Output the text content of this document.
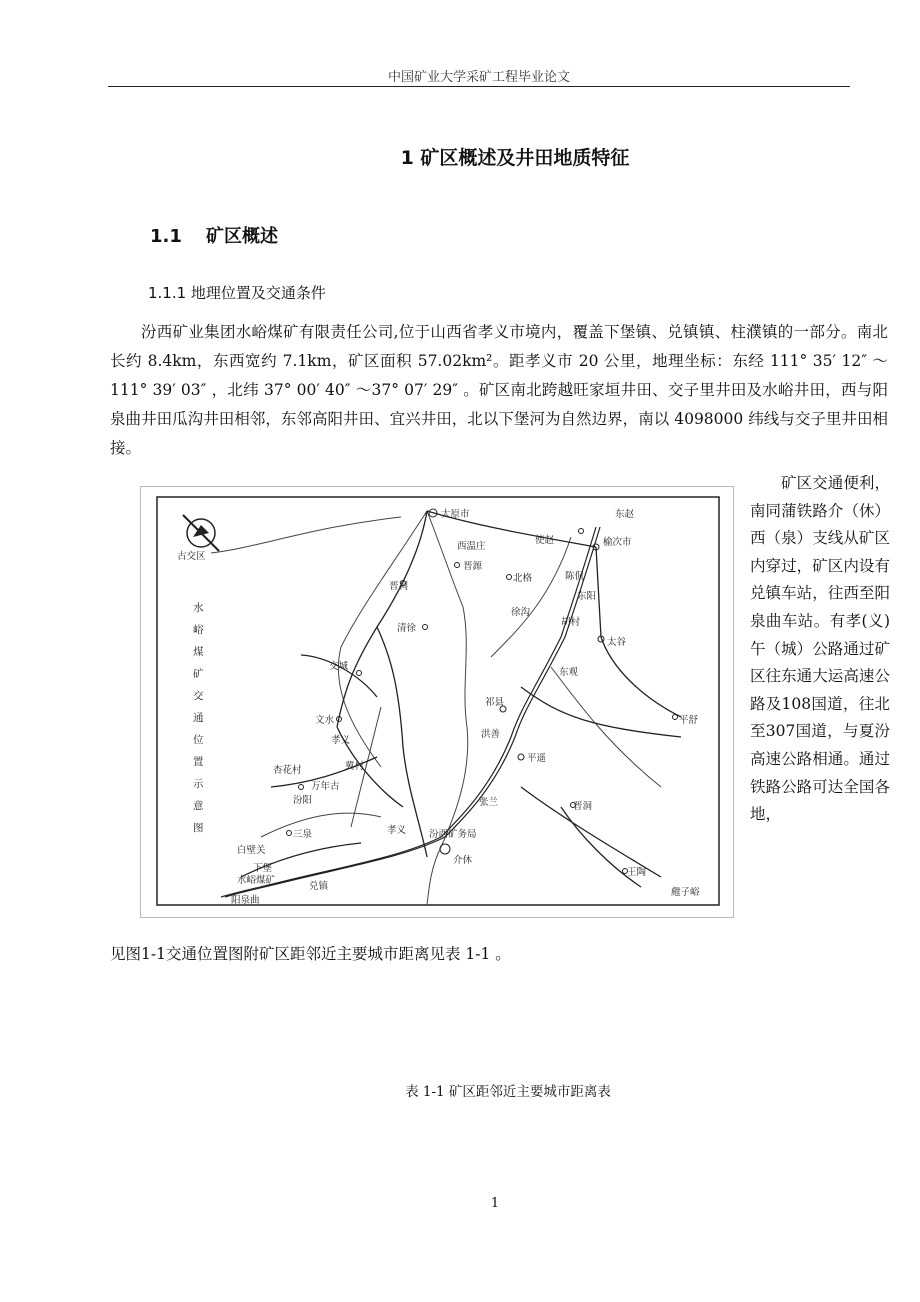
中国矿业大学采矿工程毕业论文
1 矿区概述及井田地质特征
1.1 矿区概述
1.1.1 地理位置及交通条件
汾西矿业集团水峪煤矿有限责任公司,位于山西省孝义市境内，覆盖下堡镇、兑镇镇、柱濮镇的一部分。南北长约 8.4km，东西宽约 7.1km，矿区面积 57.02km²。距孝义市 20 公里，地理坐标：东经 111° 35′ 12″ ～111° 39′ 03″ ，北纬 37° 00′ 40″ ～37° 07′ 29″ 。矿区南北跨越旺家垣井田、交子里井田及水峪井田，西与阳泉曲井田瓜沟井田相邻，东邻高阳井田、宜兴井田，北以下堡河为自然边界，南以 4098000 纬线与交子里井田相接。
太原市	东赵
古交区
西温庄
使赵	榆次市
晋源
晋祠
北格	陈侃
东阳
清徐
徐沟
胡村
太谷
交城
东观
祁县
文水
孝义
洪善
平遥
杏花村	冀村
万年古
汾阳	张兰	晋洞
三泉	孝义 汾西矿务局
介休
白壁关
下堡
水峪煤矿
兑镇
阳泉曲
王陶
平舒
甝子峪
水
峪
煤
矿
交
通
位
置
示
意
图
矿区交通便利，南同蒲铁路介（休）西（泉）支线从矿区内穿过，矿区内设有兑镇车站，往西至阳泉曲车站。有孝(义)午（城）公路通过矿区往东通大运高速公路及108国道，往北至307国道，与夏汾高速公路相通。通过铁路公路可达全国各地，
见图1-1交通位置图附矿区距邻近主要城市距离见表 1-1 。
表 1-1 矿区距邻近主要城市距离表
1
